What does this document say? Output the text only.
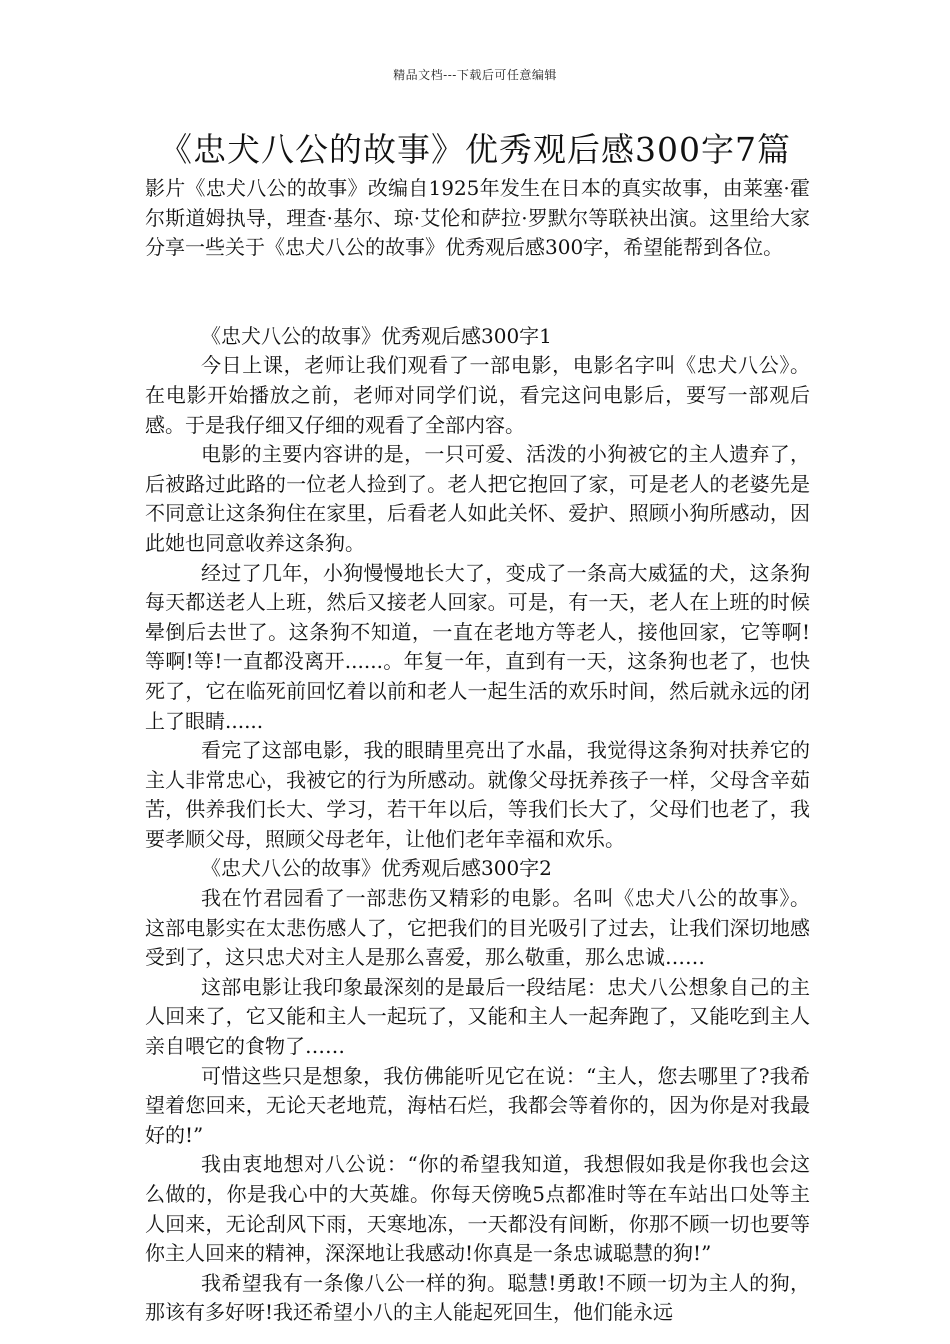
精品文档---下载后可任意编辑
《忠犬八公的故事》优秀观后感300字7篇

影片《忠犬八公的故事》改编自1925年发生在日本的真实故事，由莱塞·霍尔斯道姆执导，理查·基尔、琼·艾伦和萨拉·罗默尔等联袂出演。这里给大家分享一些关于《忠犬八公的故事》优秀观后感300字，希望能帮到各位。

《忠犬八公的故事》优秀观后感300字1

今日上课，老师让我们观看了一部电影，电影名字叫《忠犬八公》。在电影开始播放之前，老师对同学们说，看完这问电影后，要写一部观后感。于是我仔细又仔细的观看了全部内容。

电影的主要内容讲的是，一只可爱、活泼的小狗被它的主人遗弃了，后被路过此路的一位老人捡到了。老人把它抱回了家，可是老人的老婆先是不同意让这条狗住在家里，后看老人如此关怀、爱护、照顾小狗所感动，因此她也同意收养这条狗。

经过了几年，小狗慢慢地长大了，变成了一条高大威猛的犬，这条狗每天都送老人上班，然后又接老人回家。可是，有一天，老人在上班的时候晕倒后去世了。这条狗不知道，一直在老地方等老人，接他回家，它等啊!等啊!等!一直都没离开......。年复一年，直到有一天，这条狗也老了，也快死了，它在临死前回忆着以前和老人一起生活的欢乐时间，然后就永远的闭上了眼睛......

看完了这部电影，我的眼睛里亮出了水晶，我觉得这条狗对扶养它的主人非常忠心，我被它的行为所感动。就像父母抚养孩子一样，父母含辛茹苦，供养我们长大、学习，若干年以后，等我们长大了，父母们也老了，我要孝顺父母，照顾父母老年，让他们老年幸福和欢乐。

《忠犬八公的故事》优秀观后感300字2

我在竹君园看了一部悲伤又精彩的电影。名叫《忠犬八公的故事》。这部电影实在太悲伤感人了，它把我们的目光吸引了过去，让我们深切地感受到了，这只忠犬对主人是那么喜爱，那么敬重，那么忠诚……

这部电影让我印象最深刻的是最后一段结尾：忠犬八公想象自己的主人回来了，它又能和主人一起玩了，又能和主人一起奔跑了，又能吃到主人亲自喂它的食物了……

可惜这些只是想象，我仿佛能听见它在说：“主人，您去哪里了?我希望着您回来，无论天老地荒，海枯石烂，我都会等着你的，因为你是对我最好的!”

我由衷地想对八公说：“你的希望我知道，我想假如我是你我也会这么做的，你是我心中的大英雄。你每天傍晚5点都准时等在车站出口处等主人回来，无论刮风下雨，天寒地冻，一天都没有间断，你那不顾一切也要等你主人回来的精神，深深地让我感动!你真是一条忠诚聪慧的狗!”

我希望我有一条像八公一样的狗。聪慧!勇敢!不顾一切为主人的狗，那该有多好呀!我还希望小八的主人能起死回生，他们能永远
